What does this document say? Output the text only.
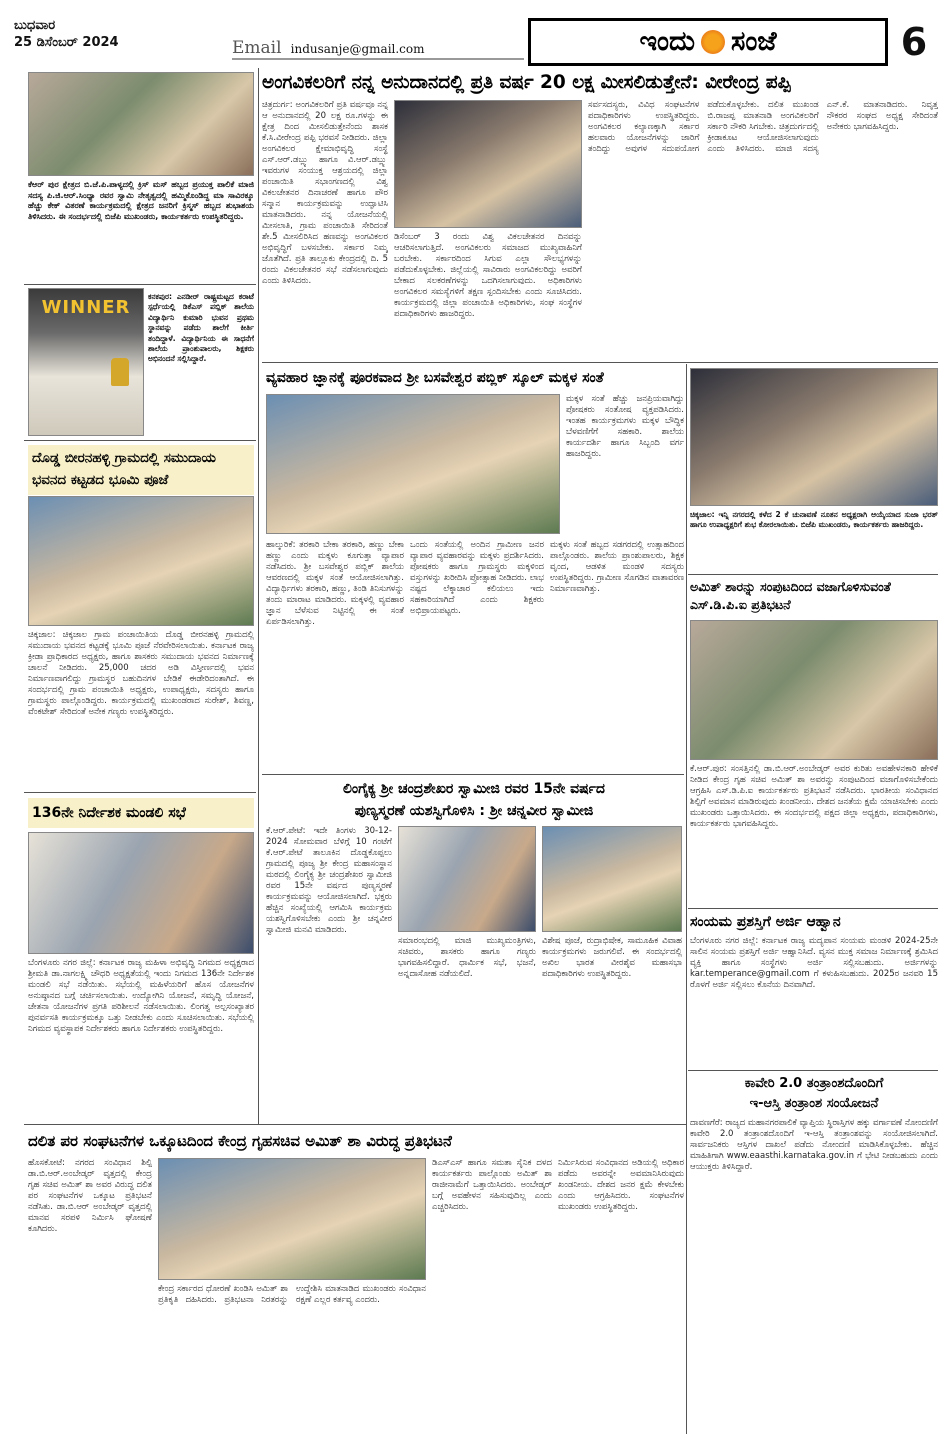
ಬುಧವಾರ
25 ಡಿಸೆಂಬರ್ 2024	Email indusanje@gmail.com	ಇಂದು ಸಂಜೆ	6
ಅಂಗವಿಕಲರಿಗೆ ನನ್ನ ಅನುದಾನದಲ್ಲಿ ಪ್ರತಿ ವರ್ಷ 20 ಲಕ್ಷ ಮೀಸಲಿಡುತ್ತೇನೆ: ವೀರೇಂದ್ರ ಪಪ್ಪಿ
ಕೆಆರ್ ಪುರ ಕ್ಷೇತ್ರದ ಬಿ.ಜೆ.ಪಿ.ಪಾಳ್ಯದಲ್ಲಿ ಕ್ರಿಸ್ ಮಸ್ ಹಬ್ಬದ ಪ್ರಯುಕ್ತ ಪಾಲಿಕೆ ಮಾಜಿ ಸದಸ್ಯ ಪಿ.ಜಿ.ಆರ್.ಸಿಂಧ್ಯಾ ರವರ ಸ್ವಾಮಿ ನೇತೃತ್ವದಲ್ಲಿ ಹಮ್ಮಿಕೊಂಡಿದ್ದ ಮಾ ಸಾವಿರಕ್ಕೂ ಹೆಚ್ಚು ಕೇಕ್ ವಿತರಣೆ ಕಾರ್ಯಕ್ರಮದಲ್ಲಿ ಕ್ಷೇತ್ರದ ಜನರಿಗೆ ಕ್ರಿಸ್ಮಸ್ ಹಬ್ಬದ ಶುಭಾಶಯ ತಿಳಿಸಿದರು. ಈ ಸಂದರ್ಭದಲ್ಲಿ ಬಿಜೆಪಿ ಮುಖಂಡರು, ಕಾರ್ಯಕರ್ತರು ಉಪಸ್ಥಿತರಿದ್ದರು.
WINNER
ಕನಕಪುರ: ಎನಡೀರ್ ರಾಷ್ಟ್ರಮಟ್ಟದ ಕರಾಟೆ ಸ್ಪರ್ಧೆಯಲ್ಲಿ ಡಿಕೆಎಸ್ ಪಬ್ಲಿಕ್ ಶಾಲೆಯ ವಿದ್ಯಾರ್ಥಿನಿ ಕುಮಾರಿ ಭುವನ ಪ್ರಥಮ ಸ್ಥಾನವನ್ನು ಪಡೆದು ಶಾಲೆಗೆ ಕೀರ್ತಿ ತಂದಿದ್ದಾಳೆ. ವಿದ್ಯಾರ್ಥಿನಿಯ ಈ ಸಾಧನೆಗೆ ಶಾಲೆಯ ಪ್ರಾಂಶುಪಾಲರು, ಶಿಕ್ಷಕರು ಅಭಿನಂದನೆ ಸಲ್ಲಿಸಿದ್ದಾರೆ.
ದೊಡ್ಡ ಬೀರನಹಳ್ಳಿ ಗ್ರಾಮದಲ್ಲಿ ಸಮುದಾಯ ಭವನದ ಕಟ್ಟಡದ ಭೂಮಿ ಪೂಜೆ
ಚಿಕ್ಕಜಾಲ: ಚಿಕ್ಕಜಾಲ ಗ್ರಾಮ ಪಂಚಾಯಿತಿಯ ದೊಡ್ಡ ಬೀರನಹಳ್ಳಿ ಗ್ರಾಮದಲ್ಲಿ ಸಮುದಾಯ ಭವನದ ಕಟ್ಟಡಕ್ಕೆ ಭೂಮಿ ಪೂಜೆ ನೆರವೇರಿಸಲಾಯಿತು. ಕರ್ನಾಟಕ ರಾಜ್ಯ ಕ್ರೀಡಾ ಪ್ರಾಧಿಕಾರದ ಅಧ್ಯಕ್ಷರು, ಹಾಗೂ ಶಾಸಕರು ಸಮುದಾಯ ಭವನದ ನಿರ್ಮಾಣಕ್ಕೆ ಚಾಲನೆ ನೀಡಿದರು. 25,000 ಚದರ ಅಡಿ ವಿಸ್ತೀರ್ಣದಲ್ಲಿ ಭವನ ನಿರ್ಮಾಣವಾಗಲಿದ್ದು ಗ್ರಾಮಸ್ಥರ ಬಹುದಿನಗಳ ಬೇಡಿಕೆ ಈಡೇರಿದಂತಾಗಿದೆ. ಈ ಸಂದರ್ಭದಲ್ಲಿ ಗ್ರಾಮ ಪಂಚಾಯಿತಿ ಅಧ್ಯಕ್ಷರು, ಉಪಾಧ್ಯಕ್ಷರು, ಸದಸ್ಯರು ಹಾಗೂ ಗ್ರಾಮಸ್ಥರು ಪಾಲ್ಗೊಂಡಿದ್ದರು. ಕಾರ್ಯಕ್ರಮದಲ್ಲಿ ಮುಖಂಡರಾದ ಸುರೇಶ್, ಶಿವಣ್ಣ, ವೆಂಕಟೇಶ್ ಸೇರಿದಂತೆ ಅನೇಕ ಗಣ್ಯರು ಉಪಸ್ಥಿತರಿದ್ದರು.
136ನೇ ನಿರ್ದೇಶಕ ಮಂಡಲಿ ಸಭೆ
ಬೆಂಗಳೂರು ನಗರ ಜಿಲ್ಲೆ: ಕರ್ನಾಟಕ ರಾಜ್ಯ ಮಹಿಳಾ ಅಭಿವೃದ್ಧಿ ನಿಗಮದ ಅಧ್ಯಕ್ಷರಾದ ಶ್ರೀಮತಿ ಡಾ.ನಾಗಲಕ್ಷ್ಮಿ ಚೌಧರಿ ಅಧ್ಯಕ್ಷತೆಯಲ್ಲಿ ಇಂದು ನಿಗಮದ 136ನೇ ನಿರ್ದೇಶಕ ಮಂಡಲಿ ಸಭೆ ನಡೆಯಿತು. ಸಭೆಯಲ್ಲಿ ಮಹಿಳೆಯರಿಗೆ ಹೊಸ ಯೋಜನೆಗಳ ಅನುಷ್ಠಾನದ ಬಗ್ಗೆ ಚರ್ಚಿಸಲಾಯಿತು. ಉದ್ಯೋಗಿನಿ ಯೋಜನೆ, ಸಮೃದ್ಧಿ ಯೋಜನೆ, ಚೇತನಾ ಯೋಜನೆಗಳ ಪ್ರಗತಿ ಪರಿಶೀಲನೆ ನಡೆಸಲಾಯಿತು. ಲಿಂಗತ್ವ ಅಲ್ಪಸಂಖ್ಯಾತರ ಪುನರ್ವಸತಿ ಕಾರ್ಯಕ್ರಮಕ್ಕೂ ಒತ್ತು ನೀಡಬೇಕು ಎಂದು ಸೂಚಿಸಲಾಯಿತು. ಸಭೆಯಲ್ಲಿ ನಿಗಮದ ವ್ಯವಸ್ಥಾಪಕ ನಿರ್ದೇಶಕರು ಹಾಗೂ ನಿರ್ದೇಶಕರು ಉಪಸ್ಥಿತರಿದ್ದರು.
ಚಿತ್ರದುರ್ಗ: ಅಂಗವಿಕಲರಿಗೆ ಪ್ರತಿ ವರ್ಷವೂ ನನ್ನ ಆ ಅನುದಾನದಲ್ಲಿ 20 ಲಕ್ಷ ರೂ.ಗಳನ್ನು ಈ ಕ್ಷೇತ್ರ ದಿಂದ ಮೀಸಲಿಡುತ್ತೇನೆಂದು ಶಾಸಕ ಕೆ.ಸಿ.ವೀರೇಂದ್ರ ಪಪ್ಪಿ ಭರವಸೆ ನೀಡಿದರು. ಜಿಲ್ಲಾ ಅಂಗವಿಕಲರ ಕ್ಷೇಮಾಭಿವೃದ್ಧಿ ಸಂಸ್ಥೆ ಎಸ್.ಆರ್.ಡಬ್ಲ್ಯು ಹಾಗೂ ವಿ.ಆರ್.ಡಬ್ಲ್ಯು ಇವರುಗಳ ಸಂಯುಕ್ತ ಆಶ್ರಯದಲ್ಲಿ ಜಿಲ್ಲಾ ಪಂಚಾಯಿತಿ ಸಭಾಂಗಣದಲ್ಲಿ ವಿಶ್ವ ವಿಕಲಚೇತನರ ದಿನಾಚರಣೆ ಹಾಗೂ ಪೌರ ಸನ್ಮಾನ ಕಾರ್ಯಕ್ರಮವನ್ನು ಉದ್ಘಾಟಿಸಿ ಮಾತನಾಡಿದರು. ನನ್ನ ಯೋಜನೆಯಲ್ಲಿ ಮೀಸಲಾತಿ, ಗ್ರಾಮ ಪಂಚಾಯಿತಿ ಸೇರಿದಂತೆ ಶೇ.5 ಮೀಸಲಿರಿಸಿದ ಹಣವನ್ನು ಅಂಗವಿಕಲರ ಅಭಿವೃದ್ಧಿಗೆ ಬಳಸಬೇಕು. ಸರ್ಕಾರ ನಿಮ್ಮ ಜೊತೆಗಿದೆ. ಪ್ರತಿ ತಾಲ್ಲೂಕು ಕೇಂದ್ರದಲ್ಲಿ ದಿ. 5 ರಂದು ವಿಕಲಚೇತನರ ಸಭೆ ನಡೆಸಲಾಗುವುದು ಎಂದು ತಿಳಿಸಿದರು.
ಡಿಸೆಂಬರ್ 3 ರಂದು ವಿಶ್ವ ವಿಕಲಚೇತನರ ದಿನವನ್ನು ಆಚರಿಸಲಾಗುತ್ತಿದೆ. ಅಂಗವಿಕಲರು ಸಮಾಜದ ಮುಖ್ಯವಾಹಿನಿಗೆ ಬರಬೇಕು. ಸರ್ಕಾರದಿಂದ ಸಿಗುವ ಎಲ್ಲಾ ಸೌಲಭ್ಯಗಳನ್ನು ಪಡೆದುಕೊಳ್ಳಬೇಕು. ಜಿಲ್ಲೆಯಲ್ಲಿ ಸಾವಿರಾರು ಅಂಗವಿಕಲರಿದ್ದು ಅವರಿಗೆ ಬೇಕಾದ ಸಲಕರಣೆಗಳನ್ನು ಒದಗಿಸಲಾಗುವುದು. ಅಧಿಕಾರಿಗಳು ಅಂಗವಿಕಲರ ಸಮಸ್ಯೆಗಳಿಗೆ ತಕ್ಷಣ ಸ್ಪಂದಿಸಬೇಕು ಎಂದು ಸೂಚಿಸಿದರು. ಕಾರ್ಯಕ್ರಮದಲ್ಲಿ ಜಿಲ್ಲಾ ಪಂಚಾಯಿತಿ ಅಧಿಕಾರಿಗಳು, ಸಂಘ ಸಂಸ್ಥೆಗಳ ಪದಾಧಿಕಾರಿಗಳು ಹಾಜರಿದ್ದರು.
ಸರ್ವಸದಸ್ಯರು, ವಿವಿಧ ಸಂಘಟನೆಗಳ ಪದಾಧಿಕಾರಿಗಳು ಉಪಸ್ಥಿತರಿದ್ದರು. ಅಂಗವಿಕಲರ ಕಲ್ಯಾಣಕ್ಕಾಗಿ ಸರ್ಕಾರ ಹಲವಾರು ಯೋಜನೆಗಳನ್ನು ಜಾರಿಗೆ ತಂದಿದ್ದು ಅವುಗಳ ಸದುಪಯೋಗ ಪಡೆದುಕೊಳ್ಳಬೇಕು. ದಲಿತ ಮುಖಂಡ ಬಿ.ರಾಜಪ್ಪ ಮಾತನಾಡಿ ಅಂಗವಿಕಲರಿಗೆ ಸರ್ಕಾರಿ ನೌಕರಿ ಸಿಗಬೇಕು. ಚಿತ್ರದುರ್ಗದಲ್ಲಿ ಕ್ರೀಡಾಕೂಟ ಆಯೋಜಿಸಲಾಗುವುದು ಎಂದು ತಿಳಿಸಿದರು. ಮಾಜಿ ಸದಸ್ಯ ಎನ್.ಕೆ. ಮಾತನಾಡಿದರು. ನಿವೃತ್ತ ನೌಕರರ ಸಂಘದ ಅಧ್ಯಕ್ಷ ಸೇರಿದಂತೆ ಅನೇಕರು ಭಾಗವಹಿಸಿದ್ದರು.
ವ್ಯವಹಾರ ಜ್ಞಾನಕ್ಕೆ ಪೂರಕವಾದ ಶ್ರೀ ಬಸವೇಶ್ವರ ಪಬ್ಲಿಕ್ ಸ್ಕೂಲ್ ಮಕ್ಕಳ ಸಂತೆ
ಮಕ್ಕಳ ಸಂತೆ ಹೆಚ್ಚು ಜನಪ್ರಿಯವಾಗಿದ್ದು ಪೋಷಕರು ಸಂತೋಷ ವ್ಯಕ್ತಪಡಿಸಿದರು. ಇಂತಹ ಕಾರ್ಯಕ್ರಮಗಳು ಮಕ್ಕಳ ಬೌದ್ಧಿಕ ಬೆಳವಣಿಗೆಗೆ ಸಹಕಾರಿ. ಶಾಲೆಯ ಕಾರ್ಯದರ್ಶಿ ಹಾಗೂ ಸಿಬ್ಬಂದಿ ವರ್ಗ ಹಾಜರಿದ್ದರು.
ಹಾಲ್ಕುರಿಕೆ: ತರಕಾರಿ ಬೇಕಾ ತರಕಾರಿ, ಹಣ್ಣು ಬೇಕಾ ಹಣ್ಣು ಎಂದು ಮಕ್ಕಳು ಕೂಗುತ್ತಾ ವ್ಯಾಪಾರ ನಡೆಸಿದರು. ಶ್ರೀ ಬಸವೇಶ್ವರ ಪಬ್ಲಿಕ್ ಶಾಲೆಯ ಆವರಣದಲ್ಲಿ ಮಕ್ಕಳ ಸಂತೆ ಆಯೋಜಿಸಲಾಗಿತ್ತು. ವಿದ್ಯಾರ್ಥಿಗಳು ತರಕಾರಿ, ಹಣ್ಣು, ತಿಂಡಿ ತಿನಿಸುಗಳನ್ನು ತಂದು ಮಾರಾಟ ಮಾಡಿದರು. ಮಕ್ಕಳಲ್ಲಿ ವ್ಯವಹಾರ ಜ್ಞಾನ ಬೆಳೆಸುವ ನಿಟ್ಟಿನಲ್ಲಿ ಈ ಸಂತೆ ಏರ್ಪಡಿಸಲಾಗಿತ್ತು.
ಒಂದು ಸಂತೆಯಲ್ಲಿ ಅಂದಿನ ಗ್ರಾಮೀಣ ಜನರ ವ್ಯಾಪಾರ ವ್ಯವಹಾರವನ್ನು ಮಕ್ಕಳು ಪ್ರದರ್ಶಿಸಿದರು. ಪೋಷಕರು ಹಾಗೂ ಗ್ರಾಮಸ್ಥರು ಮಕ್ಕಳಿಂದ ವಸ್ತುಗಳನ್ನು ಖರೀದಿಸಿ ಪ್ರೋತ್ಸಾಹ ನೀಡಿದರು. ಲಾಭ ನಷ್ಟದ ಲೆಕ್ಕಾಚಾರ ಕಲಿಯಲು ಇದು ಸಹಕಾರಿಯಾಗಿದೆ ಎಂದು ಶಿಕ್ಷಕರು ಅಭಿಪ್ರಾಯಪಟ್ಟರು.
ಮಕ್ಕಳು ಸಂತೆ ಹಬ್ಬದ ಸಡಗರದಲ್ಲಿ ಉತ್ಸಾಹದಿಂದ ಪಾಲ್ಗೊಂಡರು. ಶಾಲೆಯ ಪ್ರಾಂಶುಪಾಲರು, ಶಿಕ್ಷಕ ವೃಂದ, ಆಡಳಿತ ಮಂಡಳಿ ಸದಸ್ಯರು ಉಪಸ್ಥಿತರಿದ್ದರು. ಗ್ರಾಮೀಣ ಸೊಗಡಿನ ವಾತಾವರಣ ನಿರ್ಮಾಣವಾಗಿತ್ತು.
ಚಿಕ್ಕಜಾಲ: ಇನ್ನಿ ನಗರದಲ್ಲಿ ಕಳೆದ 2 ಕೆ ಚುನಾವಣೆ ನೂತನ ಅಧ್ಯಕ್ಷರಾಗಿ ಆಯ್ಕೆಯಾದ ಸುಜಾ ಭರತ್ ಹಾಗೂ ಉಪಾಧ್ಯಕ್ಷರಿಗೆ ಶುಭ ಕೋರಲಾಯಿತು. ಬಿಜೆಪಿ ಮುಖಂಡರು, ಕಾರ್ಯಕರ್ತರು ಹಾಜರಿದ್ದರು.
ಅಮಿತ್ ಶಾರನ್ನು ಸಂಪುಟದಿಂದ ವಜಾಗೊಳಿಸುವಂತೆ ಎಸ್.ಡಿ.ಪಿ.ಐ ಪ್ರತಿಭಟನೆ
ಕೆ.ಆರ್.ಪುರ: ಸಂಸತ್ತಿನಲ್ಲಿ ಡಾ.ಬಿ.ಆರ್.ಅಂಬೇಡ್ಕರ್ ಅವರ ಕುರಿತು ಅವಹೇಳನಕಾರಿ ಹೇಳಿಕೆ ನೀಡಿದ ಕೇಂದ್ರ ಗೃಹ ಸಚಿವ ಅಮಿತ್ ಶಾ ಅವರನ್ನು ಸಂಪುಟದಿಂದ ವಜಾಗೊಳಿಸಬೇಕೆಂದು ಆಗ್ರಹಿಸಿ ಎಸ್.ಡಿ.ಪಿ.ಐ ಕಾರ್ಯಕರ್ತರು ಪ್ರತಿಭಟನೆ ನಡೆಸಿದರು. ಭಾರತೀಯ ಸಂವಿಧಾನದ ಶಿಲ್ಪಿಗೆ ಅವಮಾನ ಮಾಡಿರುವುದು ಖಂಡನೀಯ. ದೇಶದ ಜನತೆಯ ಕ್ಷಮೆ ಯಾಚಿಸಬೇಕು ಎಂದು ಮುಖಂಡರು ಒತ್ತಾಯಿಸಿದರು. ಈ ಸಂದರ್ಭದಲ್ಲಿ ಪಕ್ಷದ ಜಿಲ್ಲಾ ಅಧ್ಯಕ್ಷರು, ಪದಾಧಿಕಾರಿಗಳು, ಕಾರ್ಯಕರ್ತರು ಭಾಗವಹಿಸಿದ್ದರು.
ಲಿಂಗೈಕ್ಯ ಶ್ರೀ ಚಂದ್ರಶೇಖರ ಸ್ವಾಮೀಜಿ ರವರ 15ನೇ ವರ್ಷದ
ಪುಣ್ಯಸ್ಮರಣೆ ಯಶಸ್ವಿಗೊಳಿಸಿ : ಶ್ರೀ ಚನ್ನವೀರ ಸ್ವಾಮೀಜಿ
ಕೆ.ಆರ್.ಪೇಟೆ: ಇದೇ ತಿಂಗಳು 30-12-2024 ಸೋಮವಾರ ಬೆಳಿಗ್ಗೆ 10 ಗಂಟೆಗೆ ಕೆ.ಆರ್.ಪೇಟೆ ತಾಲೂಕಿನ ದೊಡ್ಡಕೊಪ್ಪಲು ಗ್ರಾಮದಲ್ಲಿ ಪೂಜ್ಯ ಶ್ರೀ ಕೇಂದ್ರ ಮಹಾಸಂಸ್ಥಾನ ಮಠದಲ್ಲಿ ಲಿಂಗೈಕ್ಯ ಶ್ರೀ ಚಂದ್ರಶೇಖರ ಸ್ವಾಮೀಜಿ ರವರ 15ನೇ ವರ್ಷದ ಪುಣ್ಯಸ್ಮರಣೆ ಕಾರ್ಯಕ್ರಮವನ್ನು ಆಯೋಜಿಸಲಾಗಿದೆ. ಭಕ್ತರು ಹೆಚ್ಚಿನ ಸಂಖ್ಯೆಯಲ್ಲಿ ಆಗಮಿಸಿ ಕಾರ್ಯಕ್ರಮ ಯಶಸ್ವಿಗೊಳಿಸಬೇಕು ಎಂದು ಶ್ರೀ ಚನ್ನವೀರ ಸ್ವಾಮೀಜಿ ಮನವಿ ಮಾಡಿದರು.
ಸಮಾರಂಭದಲ್ಲಿ ಮಾಜಿ ಮುಖ್ಯಮಂತ್ರಿಗಳು, ಸಚಿವರು, ಶಾಸಕರು ಹಾಗೂ ಗಣ್ಯರು ಭಾಗವಹಿಸಲಿದ್ದಾರೆ. ಧಾರ್ಮಿಕ ಸಭೆ, ಭಜನೆ, ಅನ್ನದಾಸೋಹ ನಡೆಯಲಿದೆ.
ವಿಶೇಷ ಪೂಜೆ, ರುದ್ರಾಭಿಷೇಕ, ಸಾಮೂಹಿಕ ವಿವಾಹ ಕಾರ್ಯಕ್ರಮಗಳು ಜರುಗಲಿವೆ. ಈ ಸಂದರ್ಭದಲ್ಲಿ ಅಖಿಲ ಭಾರತ ವೀರಶೈವ ಮಹಾಸಭಾ ಪದಾಧಿಕಾರಿಗಳು ಉಪಸ್ಥಿತರಿದ್ದರು.
ಸಂಯಮ ಪ್ರಶಸ್ತಿಗೆ ಅರ್ಜಿ ಆಹ್ವಾನ
ಬೆಂಗಳೂರು ನಗರ ಜಿಲ್ಲೆ: ಕರ್ನಾಟಕ ರಾಜ್ಯ ಮದ್ಯಪಾನ ಸಂಯಮ ಮಂಡಳಿ 2024-25ನೇ ಸಾಲಿನ ಸಂಯಮ ಪ್ರಶಸ್ತಿಗೆ ಅರ್ಜಿ ಆಹ್ವಾನಿಸಿದೆ. ವ್ಯಸನ ಮುಕ್ತ ಸಮಾಜ ನಿರ್ಮಾಣಕ್ಕೆ ಶ್ರಮಿಸಿದ ವ್ಯಕ್ತಿ ಹಾಗೂ ಸಂಸ್ಥೆಗಳು ಅರ್ಜಿ ಸಲ್ಲಿಸಬಹುದು. ಅರ್ಜಿಗಳನ್ನು kar.temperance@gmail.com ಗೆ ಕಳುಹಿಸಬಹುದು. 2025ರ ಜನವರಿ 15 ರೊಳಗೆ ಅರ್ಜಿ ಸಲ್ಲಿಸಲು ಕೊನೆಯ ದಿನವಾಗಿದೆ.
ಕಾವೇರಿ 2.0 ತಂತ್ರಾಂಶದೊಂದಿಗೆ
ಇ-ಆಸ್ತಿ ತಂತ್ರಾಂಶ ಸಂಯೋಜನೆ
ದಾವಣಗೆರೆ: ರಾಜ್ಯದ ಮಹಾನಗರಪಾಲಿಕೆ ವ್ಯಾಪ್ತಿಯ ಸ್ಥಿರಾಸ್ತಿಗಳ ಹಕ್ಕು ವರ್ಗಾವಣೆ ನೋಂದಣಿಗೆ ಕಾವೇರಿ 2.0 ತಂತ್ರಾಂಶದೊಂದಿಗೆ ಇ-ಆಸ್ತಿ ತಂತ್ರಾಂಶವನ್ನು ಸಂಯೋಜಿಸಲಾಗಿದೆ. ಸಾರ್ವಜನಿಕರು ಆಸ್ತಿಗಳ ದಾಖಲೆ ಪಡೆದು ನೋಂದಣಿ ಮಾಡಿಸಿಕೊಳ್ಳಬೇಕು. ಹೆಚ್ಚಿನ ಮಾಹಿತಿಗಾಗಿ www.eaasthi.karnataka.gov.in ಗೆ ಭೇಟಿ ನೀಡಬಹುದು ಎಂದು ಆಯುಕ್ತರು ತಿಳಿಸಿದ್ದಾರೆ.
ದಲಿತ ಪರ ಸಂಘಟನೆಗಳ ಒಕ್ಕೂಟದಿಂದ ಕೇಂದ್ರ ಗೃಹಸಚಿವ ಅಮಿತ್ ಶಾ ವಿರುದ್ಧ ಪ್ರತಿಭಟನೆ
ಹೊಸಕೋಟೆ: ನಗರದ ಸಂವಿಧಾನ ಶಿಲ್ಪಿ ಡಾ.ಬಿ.ಆರ್.ಅಂಬೇಡ್ಕರ್ ವೃತ್ತದಲ್ಲಿ ಕೇಂದ್ರ ಗೃಹ ಸಚಿವ ಅಮಿತ್ ಶಾ ಅವರ ವಿರುದ್ಧ ದಲಿತ ಪರ ಸಂಘಟನೆಗಳ ಒಕ್ಕೂಟ ಪ್ರತಿಭಟನೆ ನಡೆಸಿತು. ಡಾ.ಬಿ.ಆರ್ ಅಂಬೇಡ್ಕರ್ ವೃತ್ತದಲ್ಲಿ ಮಾನವ ಸರಪಳಿ ನಿರ್ಮಿಸಿ ಘೋಷಣೆ ಕೂಗಿದರು.
ಕೇಂದ್ರ ಸರ್ಕಾರದ ಧೋರಣೆ ಖಂಡಿಸಿ ಅಮಿತ್ ಶಾ ಪ್ರತಿಕೃತಿ ದಹಿಸಿದರು. ಪ್ರತಿಭಟನಾ ನಿರತರನ್ನು ಉದ್ದೇಶಿಸಿ ಮಾತನಾಡಿದ ಮುಖಂಡರು ಸಂವಿಧಾನ ರಕ್ಷಣೆ ಎಲ್ಲರ ಕರ್ತವ್ಯ ಎಂದರು.
ಡಿಎಸ್ಎಸ್ ಹಾಗೂ ಸಮತಾ ಸೈನಿಕ ದಳದ ಕಾರ್ಯಕರ್ತರು ಪಾಲ್ಗೊಂಡು ಅಮಿತ್ ಶಾ ರಾಜೀನಾಮೆಗೆ ಒತ್ತಾಯಿಸಿದರು. ಅಂಬೇಡ್ಕರ್ ಬಗ್ಗೆ ಅವಹೇಳನ ಸಹಿಸುವುದಿಲ್ಲ ಎಂದು ಎಚ್ಚರಿಸಿದರು.
ನಿರ್ಮಿಸಿರುವ ಸಂವಿಧಾನದ ಅಡಿಯಲ್ಲಿ ಅಧಿಕಾರ ಪಡೆದು ಅವರನ್ನೇ ಅವಮಾನಿಸಿರುವುದು ಖಂಡನೀಯ. ದೇಶದ ಜನರ ಕ್ಷಮೆ ಕೇಳಬೇಕು ಎಂದು ಆಗ್ರಹಿಸಿದರು. ಸಂಘಟನೆಗಳ ಮುಖಂಡರು ಉಪಸ್ಥಿತರಿದ್ದರು.
